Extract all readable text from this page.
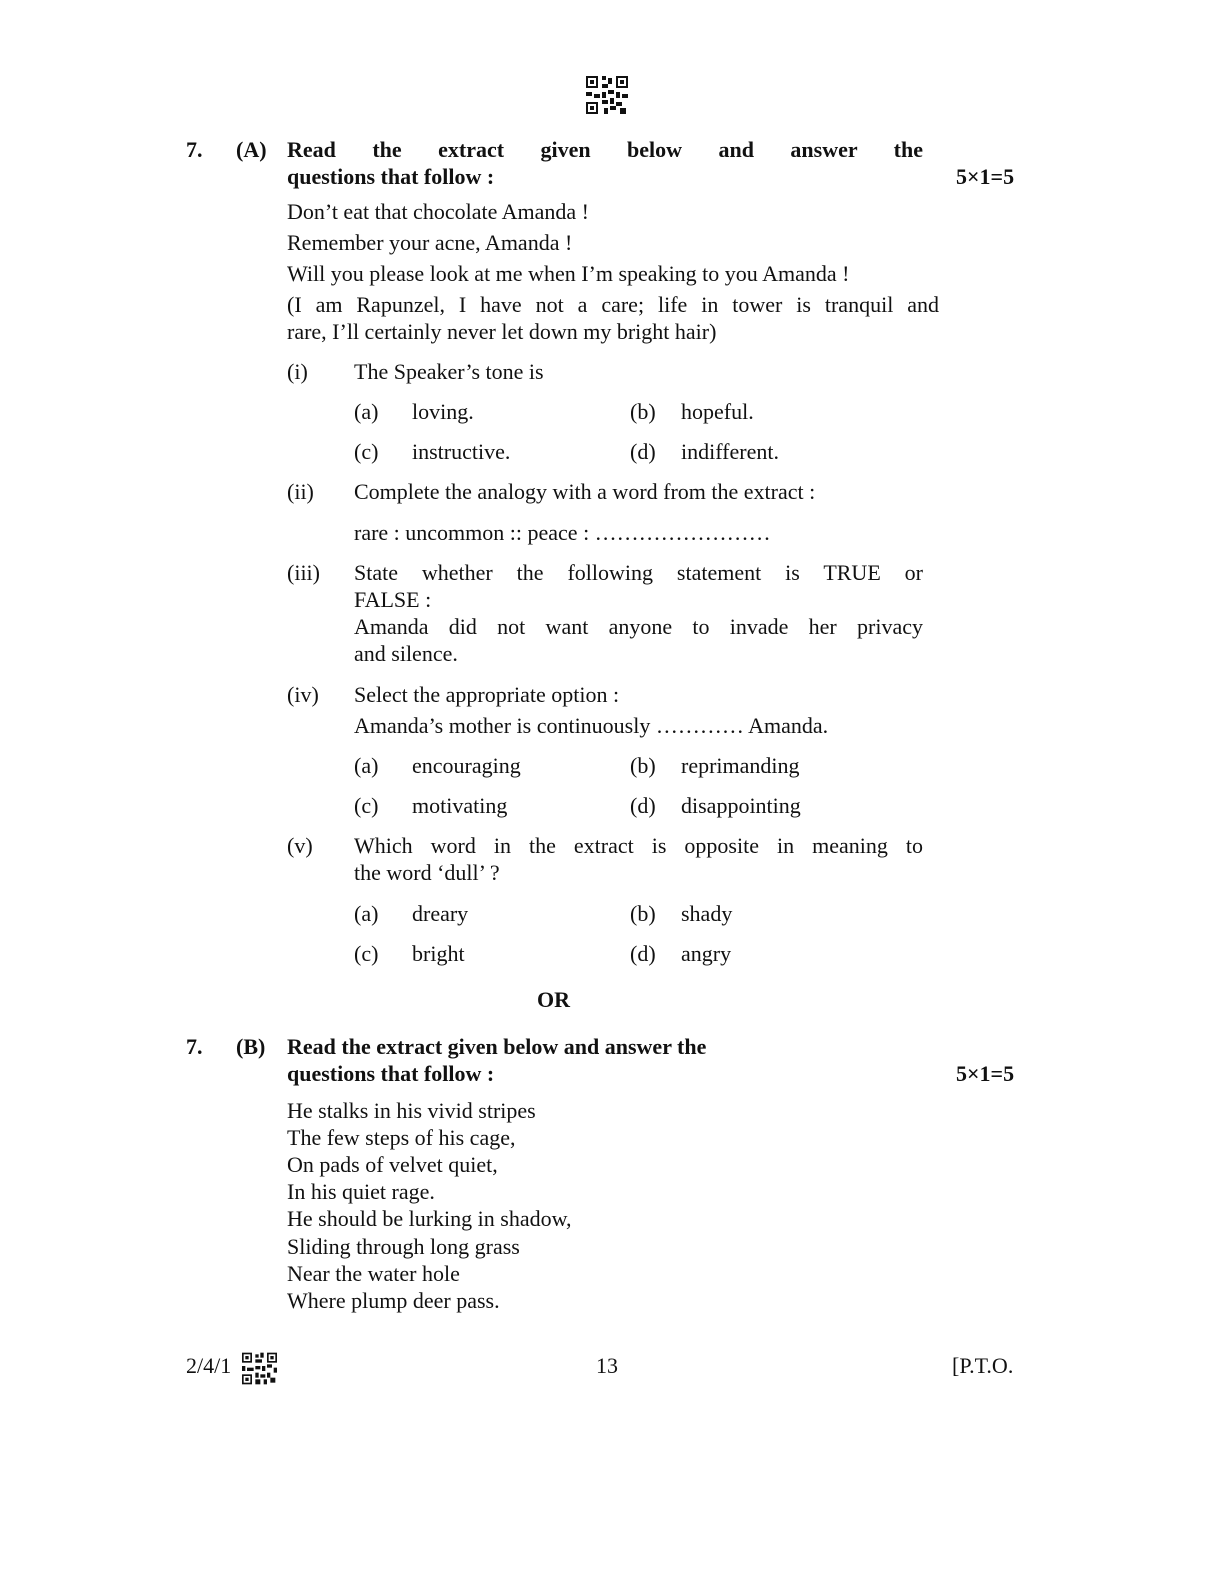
7. (A) Read the extract given below and answer the
questions that follow :	5×1=5
Don’t eat that chocolate Amanda !
Remember your acne, Amanda !
Will you please look at me when I’m speaking to you Amanda !
(I am Rapunzel, I have not a care; life in tower is tranquil and
rare, I’ll certainly never let down my bright hair)
(i) The Speaker’s tone is
(a) loving.	(b) hopeful.
(c) instructive.	(d) indifferent.
(ii) Complete the analogy with a word from the extract :
rare : uncommon :: peace : ……………………
(iii) State whether the following statement is TRUE or
FALSE :
Amanda did not want anyone to invade her privacy
and silence.
(iv) Select the appropriate option :
Amanda’s mother is continuously ………… Amanda.
(a) encouraging	(b) reprimanding
(c) motivating	(d) disappointing
(v) Which word in the extract is opposite in meaning to
the word ‘dull’ ?
(a) dreary	(b) shady
(c) bright	(d) angry
OR
7. (B) Read the extract given below and answer the
questions that follow :	5×1=5
He stalks in his vivid stripes
The few steps of his cage,
On pads of velvet quiet,
In his quiet rage.
He should be lurking in shadow,
Sliding through long grass
Near the water hole
Where plump deer pass.
2/4/1	13	[P.T.O.
